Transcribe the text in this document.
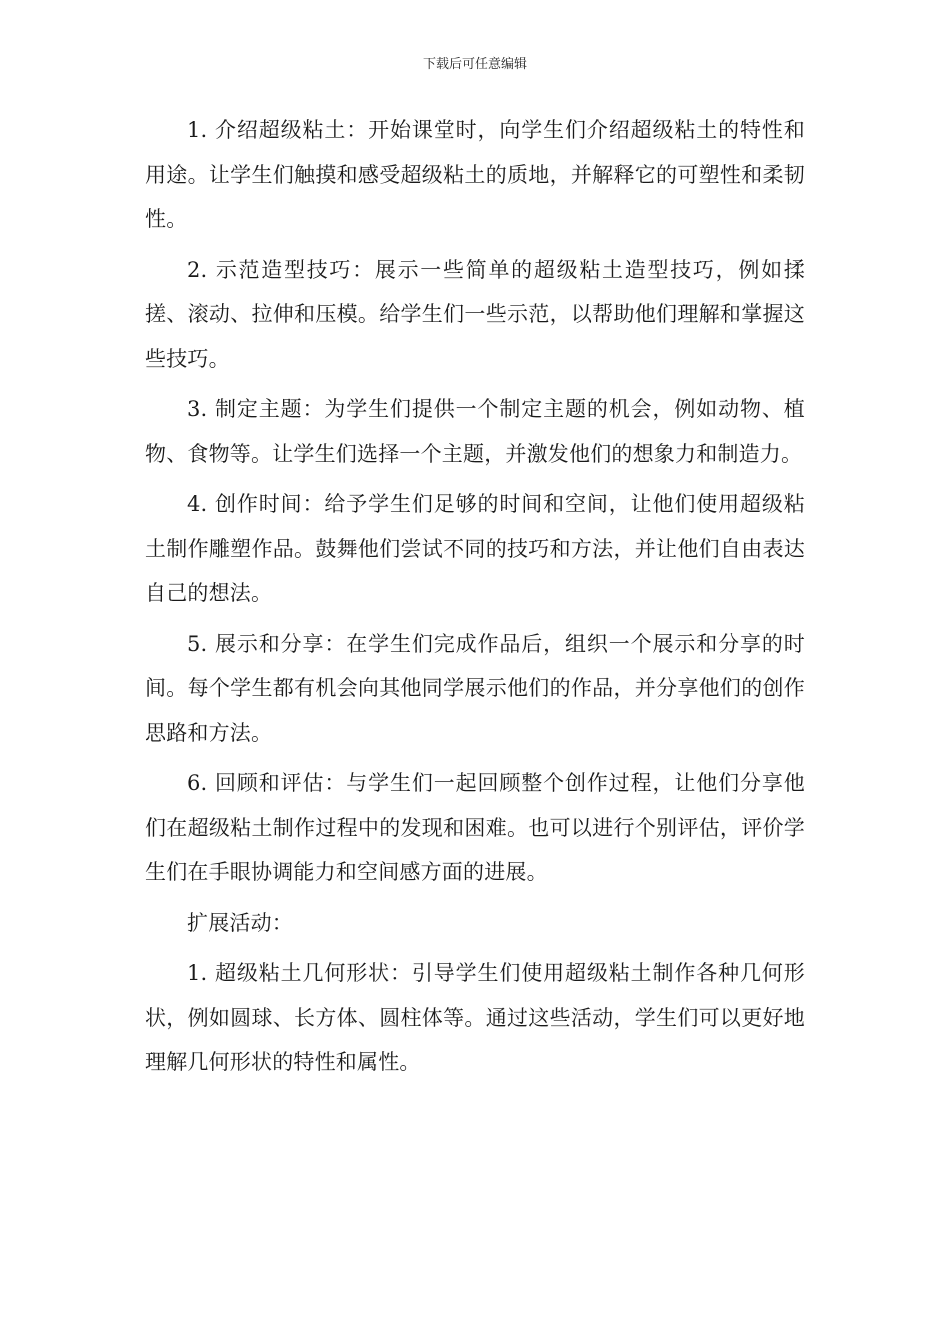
下载后可任意编辑

1. 介绍超级粘土：开始课堂时，向学生们介绍超级粘土的特性和用途。让学生们触摸和感受超级粘土的质地，并解释它的可塑性和柔韧性。

2. 示范造型技巧：展示一些简单的超级粘土造型技巧，例如揉搓、滚动、拉伸和压模。给学生们一些示范，以帮助他们理解和掌握这些技巧。

3. 制定主题：为学生们提供一个制定主题的机会，例如动物、植物、食物等。让学生们选择一个主题，并激发他们的想象力和制造力。

4. 创作时间：给予学生们足够的时间和空间，让他们使用超级粘土制作雕塑作品。鼓舞他们尝试不同的技巧和方法，并让他们自由表达自己的想法。

5. 展示和分享：在学生们完成作品后，组织一个展示和分享的时间。每个学生都有机会向其他同学展示他们的作品，并分享他们的创作思路和方法。

6. 回顾和评估：与学生们一起回顾整个创作过程，让他们分享他们在超级粘土制作过程中的发现和困难。也可以进行个别评估，评价学生们在手眼协调能力和空间感方面的进展。

扩展活动：

1. 超级粘土几何形状：引导学生们使用超级粘土制作各种几何形状，例如圆球、长方体、圆柱体等。通过这些活动，学生们可以更好地理解几何形状的特性和属性。
